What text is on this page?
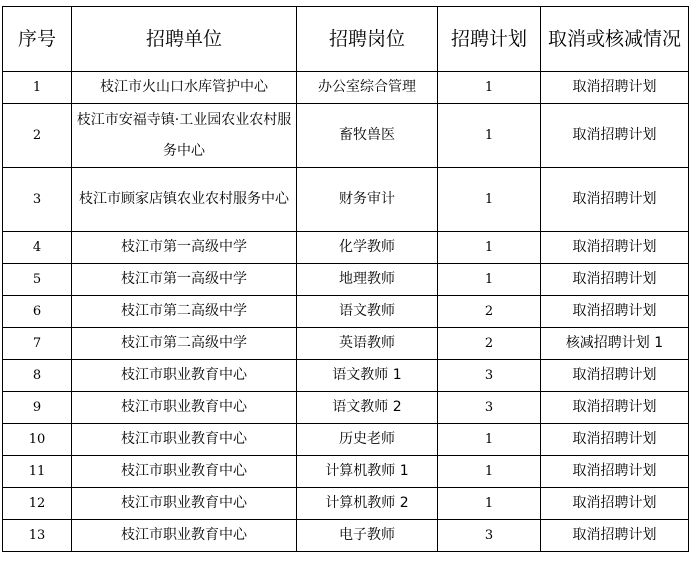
序号	招聘单位	招聘岗位	招聘计划	取消或核减情况
1	枝江市火山口水库管护中心	办公室综合管理	1	取消招聘计划
2	枝江市安福寺镇·工业园农业农村服务中心	畜牧兽医	1	取消招聘计划
3	枝江市顾家店镇农业农村服务中心	财务审计	1	取消招聘计划
4	枝江市第一高级中学	化学教师	1	取消招聘计划
5	枝江市第一高级中学	地理教师	1	取消招聘计划
6	枝江市第二高级中学	语文教师	2	取消招聘计划
7	枝江市第二高级中学	英语教师	2	核减招聘计划 1
8	枝江市职业教育中心	语文教师 1	3	取消招聘计划
9	枝江市职业教育中心	语文教师 2	3	取消招聘计划
10	枝江市职业教育中心	历史老师	1	取消招聘计划
11	枝江市职业教育中心	计算机教师 1	1	取消招聘计划
12	枝江市职业教育中心	计算机教师 2	1	取消招聘计划
13	枝江市职业教育中心	电子教师	3	取消招聘计划
